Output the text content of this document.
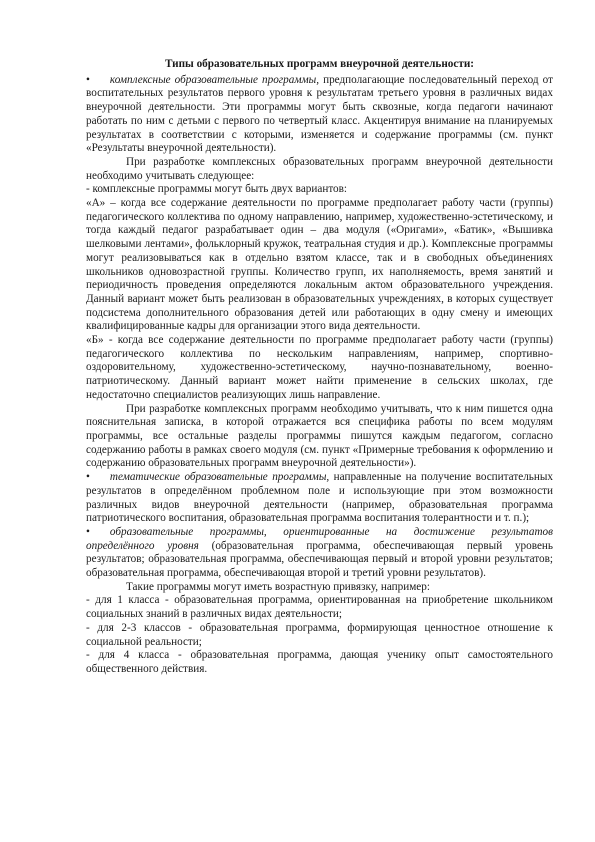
Типы образовательных программ внеурочной деятельности:

• комплексные образовательные программы, предполагающие последовательный переход от воспитательных результатов первого уровня к результатам третьего уровня в различных видах внеурочной деятельности. Эти программы могут быть сквозные, когда педагоги начинают работать по ним с детьми с первого по четвертый класс. Акцентируя внимание на планируемых результатах в соответствии с которыми, изменяется и содержание программы (см. пункт «Результаты внеурочной деятельности).

При разработке комплексных образовательных программ внеурочной деятельности необходимо учитывать следующее:

- комплексные программы могут быть двух вариантов:

«А» – когда все содержание деятельности по программе предполагает работу части (группы) педагогического коллектива по одному направлению, например, художественно-эстетическому, и тогда каждый педагог разрабатывает один – два модуля («Оригами», «Батик», «Вышивка шелковыми лентами», фольклорный кружок, театральная студия и др.). Комплексные программы могут реализовываться как в отдельно взятом классе, так и в свободных объединениях школьников одновозрастной группы. Количество групп, их наполняемость, время занятий и периодичность проведения определяются локальным актом образовательного учреждения. Данный вариант может быть реализован в образовательных учреждениях, в которых существует подсистема дополнительного образования детей или работающих в одну смену и имеющих квалифицированные кадры для организации этого вида деятельности.

«Б» - когда все содержание деятельности по программе предполагает работу части (группы) педагогического коллектива по нескольким направлениям, например, спортивно-оздоровительному, художественно-эстетическому, научно-познавательному, военно-патриотическому. Данный вариант может найти применение в сельских школах, где недостаточно специалистов реализующих лишь направление.

При разработке комплексных программ необходимо учитывать, что к ним пишется одна пояснительная записка, в которой отражается вся специфика работы по всем модулям программы, все остальные разделы программы пишутся каждым педагогом, согласно содержанию работы в рамках своего модуля (см. пункт «Примерные требования к оформлению и содержанию образовательных программ внеурочной деятельности»).

• тематические образовательные программы, направленные на получение воспитательных результатов в определённом проблемном поле и использующие при этом возможности различных видов внеурочной деятельности (например, образовательная программа патриотического воспитания, образовательная программа воспитания толерантности и т. п.);

• образовательные программы, ориентированные на достижение результатов определённого уровня (образовательная программа, обеспечивающая первый уровень результатов; образовательная программа, обеспечивающая первый и второй уровни результатов; образовательная программа, обеспечивающая второй и третий уровни результатов).

Такие программы могут иметь возрастную привязку, например:

- для 1 класса - образовательная программа, ориентированная на приобретение школьником социальных знаний в различных видах деятельности;

- для 2-3 классов - образовательная программа, формирующая ценностное отношение к социальной реальности;

- для 4 класса - образовательная программа, дающая ученику опыт самостоятельного общественного действия.
